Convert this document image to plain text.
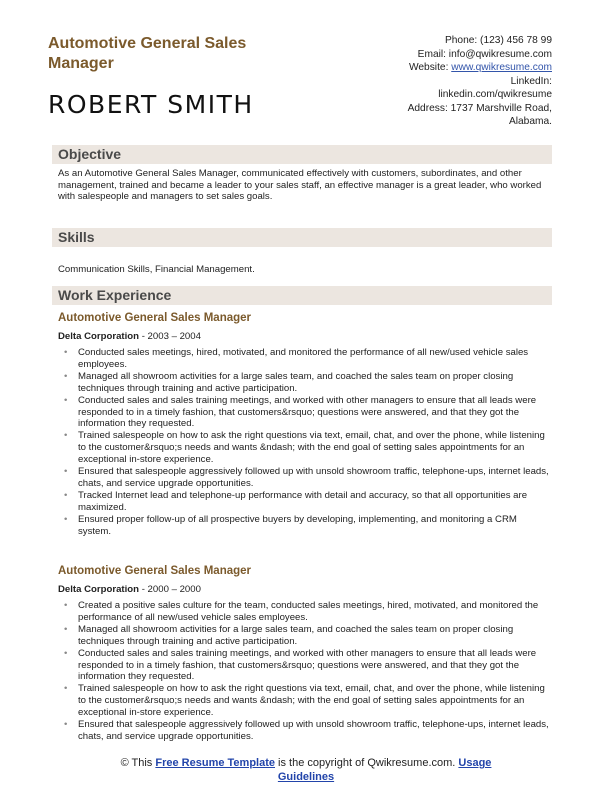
Automotive General Sales
Manager
ROBERT SMITH
Phone: (123) 456 78 99
Email: info@qwikresume.com
Website: www.qwikresume.com
LinkedIn:
linkedin.com/qwikresume
Address: 1737 Marshville Road,
Alabama.
Objective
As an Automotive General Sales Manager, communicated effectively with customers, subordinates, and other management, trained and became a leader to your sales staff, an effective manager is a great leader, who worked with salespeople and managers to set sales goals.
Skills
Communication Skills, Financial Management.
Work Experience
Automotive General Sales Manager
Delta Corporation - 2003 – 2004
• Conducted sales meetings, hired, motivated, and monitored the performance of all new/used vehicle sales employees.
• Managed all showroom activities for a large sales team, and coached the sales team on proper closing techniques through training and active participation.
• Conducted sales and sales training meetings, and worked with other managers to ensure that all leads were responded to in a timely fashion, that customers&rsquo; questions were answered, and that they got the information they requested.
• Trained salespeople on how to ask the right questions via text, email, chat, and over the phone, while listening to the customer&rsquo;s needs and wants &ndash; with the end goal of setting sales appointments for an exceptional in-store experience.
• Ensured that salespeople aggressively followed up with unsold showroom traffic, telephone-ups, internet leads, chats, and service upgrade opportunities.
• Tracked Internet lead and telephone-up performance with detail and accuracy, so that all opportunities are maximized.
• Ensured proper follow-up of all prospective buyers by developing, implementing, and monitoring a CRM system.
Automotive General Sales Manager
Delta Corporation - 2000 – 2000
• Created a positive sales culture for the team, conducted sales meetings, hired, motivated, and monitored the performance of all new/used vehicle sales employees.
• Managed all showroom activities for a large sales team, and coached the sales team on proper closing techniques through training and active participation.
• Conducted sales and sales training meetings, and worked with other managers to ensure that all leads were responded to in a timely fashion, that customers&rsquo; questions were answered, and that they got the information they requested.
• Trained salespeople on how to ask the right questions via text, email, chat, and over the phone, while listening to the customer&rsquo;s needs and wants &ndash; with the end goal of setting sales appointments for an exceptional in-store experience.
• Ensured that salespeople aggressively followed up with unsold showroom traffic, telephone-ups, internet leads, chats, and service upgrade opportunities.
© This Free Resume Template is the copyright of Qwikresume.com. Usage
Guidelines
